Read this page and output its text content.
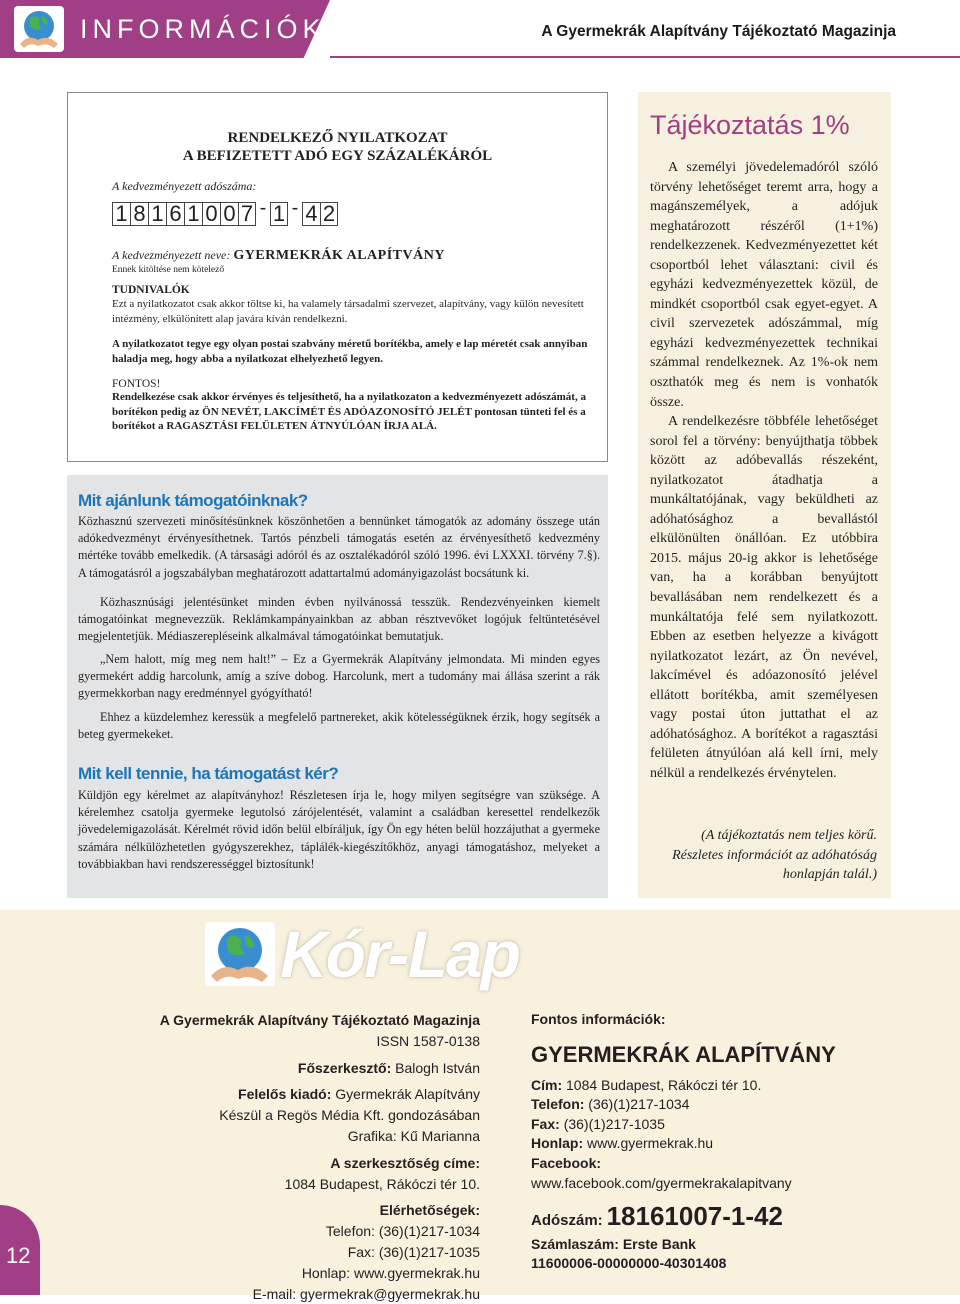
INFORMÁCIÓK	A Gyermekrák Alapítvány Tájékoztató Magazinja
RENDELKEZŐ NYILATKOZAT
A BEFIZETETT ADÓ EGY SZÁZALÉKÁRÓL
A kedvezményezett adószáma:
1 8 1 6 1 0 0 7 - 1 - 4 2
A kedvezményezett neve: GYERMEKRÁK ALAPÍTVÁNY
Ennek kitöltése nem kötelező
TUDNIVALÓK
Ezt a nyilatkozatot csak akkor töltse ki, ha valamely társadalmi szervezet, alapítvány, vagy külön nevesített intézmény, elkülönített alap javára kíván rendelkezni.
A nyilatkozatot tegye egy olyan postai szabvány méretű borítékba, amely e lap méretét csak annyiban haladja meg, hogy abba a nyilatkozat elhelyezhető legyen.
FONTOS!
Rendelkezése csak akkor érvényes és teljesíthető, ha a nyilatkozaton a kedvezményezett adószámát, a borítékon pedig az ÖN NEVÉT, LAKCÍMÉT ÉS ADÓAZONOSÍTÓ JELÉT pontosan tünteti fel és a borítékot a RAGASZTÁSI FELÜLETEN ÁTNYÚLÓAN ÍRJA ALÁ.
Mit ajánlunk támogatóinknak?
Közhasznú szervezeti minősítésünknek köszönhetően a bennünket támogatók az adomány összege után adókedvezményt érvényesíthetnek. Tartós pénzbeli támogatás esetén az érvényesíthető kedvezmény mértéke tovább emelkedik. (A társasági adóról és az osztalékadóról szóló 1996. évi LXXXI. törvény 7.§). A támogatásról a jogszabályban meghatározott adattartalmú adományigazolást bocsátunk ki.
Közhasznúsági jelentésünket minden évben nyilvánossá tesszük. Rendezvényeinken kiemelt támogatóinkat megnevezzük. Reklámkampányainkban az abban résztvevőket logójuk feltüntetésével megjelentetjük. Médiaszerepléseink alkalmával támogatóinkat bemutatjuk.
„Nem halott, míg meg nem halt!” – Ez a Gyermekrák Alapítvány jelmondata. Mi minden egyes gyermekért addig harcolunk, amíg a szíve dobog. Harcolunk, mert a tudomány mai állása szerint a rák gyermekkorban nagy eredménnyel gyógyítható!
Ehhez a küzdelemhez keressük a megfelelő partnereket, akik kötelességüknek érzik, hogy segítsék a beteg gyermekeket.
Mit kell tennie, ha támogatást kér?
Küldjön egy kérelmet az alapítványhoz! Részletesen írja le, hogy milyen segítségre van szüksége. A kérelemhez csatolja gyermeke legutolsó zárójelentését, valamint a családban keresettel rendelkezők jövedelemigazolását. Kérelmét rövid időn belül elbíráljuk, így Ön egy héten belül hozzájuthat a gyermeke számára nélkülözhetetlen gyógyszerekhez, táplálék-kiegészítőkhöz, anyagi támogatáshoz, melyeket a továbbiakban havi rendszerességgel biztosítunk!
Tájékoztatás 1%

A személyi jövedelemadóról szóló törvény lehetőséget teremt arra, hogy a magánszemélyek, a adójuk meghatározott részéről (1+1%) rendelkezzenek. Kedvezményezettet két csoportból lehet választani: civil és egyházi kedvezményezettek közül, de mindkét csoportból csak egyet-egyet. A civil szervezetek adószámmal, míg egyházi kedvezményezettek technikai számmal rendelkeznek. Az 1%-ok nem oszthatók meg és nem is vonhatók össze.

A rendelkezésre többféle lehetőséget sorol fel a törvény: benyújthatja többek között az adóbevallás részeként, nyilatkozatot átadhatja a munkáltatójának, vagy beküldheti az adóhatósághoz a bevallástól elkülönülten önállóan. Ez utóbbira 2015. május 20-ig akkor is lehetősége van, ha a korábban benyújtott bevallásában nem rendelkezett és a munkáltatója felé sem nyilatkozott. Ebben az esetben helyezze a kivágott nyilatkozatot lezárt, az Ön nevével, lakcímével és adóazonosító jelével ellátott borítékba, amit személyesen vagy postai úton juttathat el az adóhatósághoz. A borítékot a ragasztási felületen átnyúlóan alá kell írni, mely nélkül a rendelkezés érvénytelen.

(A tájékoztatás nem teljes körű. Részletes információt az adóhatóság honlapján talál.)
Kór-Lap
A Gyermekrák Alapítvány Tájékoztató Magazinja
ISSN 1587-0138
Főszerkesztő: Balogh István
Felelős kiadó: Gyermekrák Alapítvány
Készül a Regös Média Kft. gondozásában
Grafika: Kű Marianna
A szerkesztőség címe:
1084 Budapest, Rákóczi tér 10.
Elérhetőségek:
Telefon: (36)(1)217-1034
Fax: (36)(1)217-1035
Honlap: www.gyermekrak.hu
E-mail: gyermekrak@gyermekrak.hu
Fontos információk:
GYERMEKRÁK ALAPÍTVÁNY
Cím: 1084 Budapest, Rákóczi tér 10.
Telefon: (36)(1)217-1034
Fax: (36)(1)217-1035
Honlap: www.gyermekrak.hu
Facebook:
www.facebook.com/gyermekrakalapitvany
Adószám: 18161007-1-42
Számlaszám: Erste Bank
11600006-00000000-40301408
12
